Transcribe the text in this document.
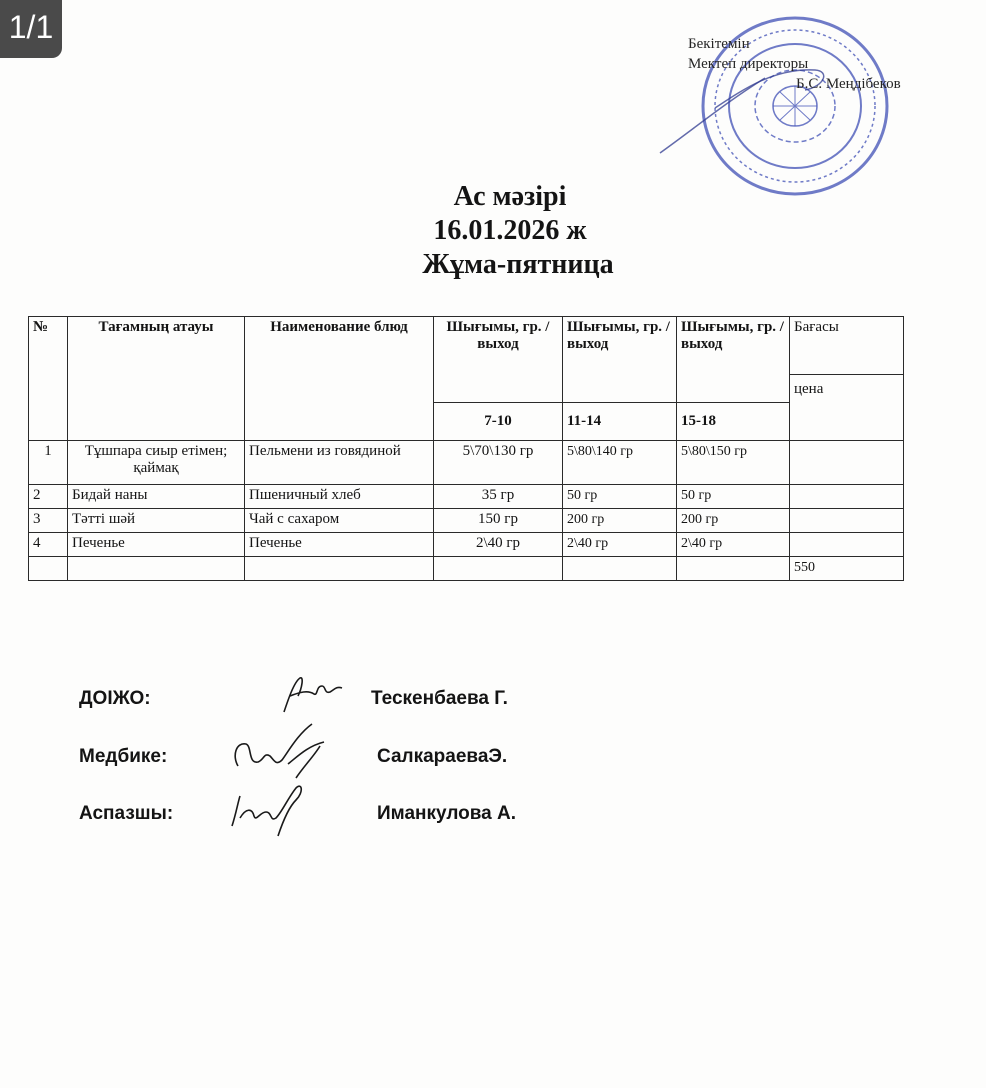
1/1	Бекітемін
Мектеп директоры
Б.С. Меңдібеков
Ас мәзірі
16.01.2026 ж
Жұма-пятница
№	Тағамның атауы	Наименование блюд	Шығымы, гр. / выход	Шығымы, гр. / выход	Шығымы, гр. / выход	Бағасы
						цена
			7-10	11-14	15-18	
1	Тұшпара сиыр етімен; қаймақ	Пельмени из говядиной	5\70\130 гр	5\80\140 гр	5\80\150 гр	
2	Бидай наны	Пшеничный хлеб	35 гр	50 гр	50 гр	
3	Тәтті шәй	Чай с сахаром	150 гр	200 гр	200 гр	
4	Печенье	Печенье	2\40 гр	2\40 гр	2\40 гр	
						550
ДОІЖО:	Тескенбаева Г.
Медбике:	СалкараеваЭ.
Аспазшы:	Иманкулова А.
